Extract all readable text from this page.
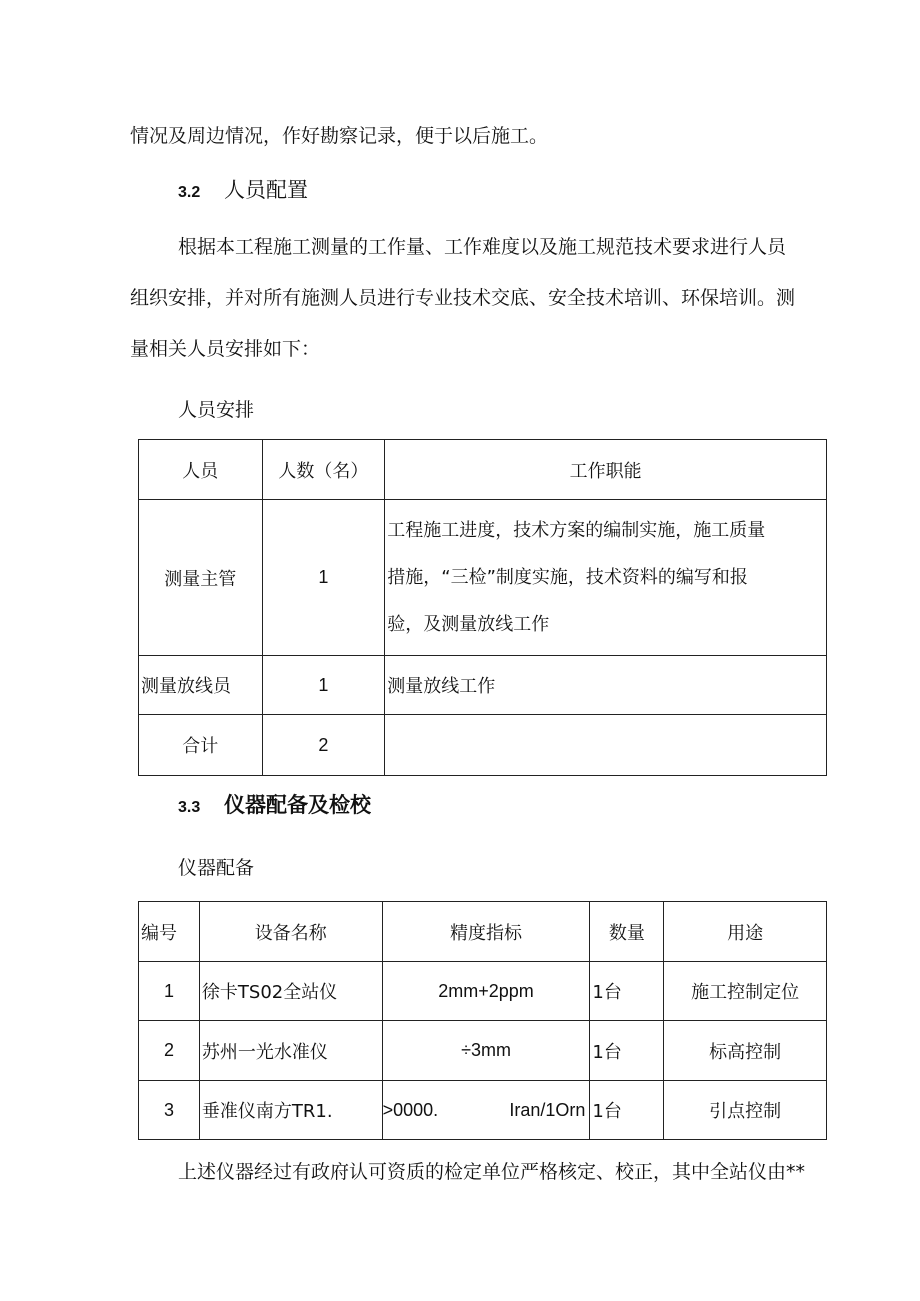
情况及周边情况，作好勘察记录，便于以后施工。
3.2 人员配置
根据本工程施工测量的工作量、工作难度以及施工规范技术要求进行人员
组织安排，并对所有施测人员进行专业技术交底、安全技术培训、环保培训。测
量相关人员安排如下：
人员安排
人员	人数（名）	工作职能
测量主管	1	工程施工进度，技术方案的编制实施，施工质量
措施，“三检”制度实施，技术资料的编写和报
验，及测量放线工作

测量放线员	1	测量放线工作
合计	2	
3.3 仪器配备及检校
仪器配备
编号	设备名称	精度指标	数量	用途
1	徐卡TS02全站仪	2mm+2ppm	1台	施工控制定位
2	苏州一光水准仪	÷3mm	1台	标高控制
3	垂准仪南方TR1.	>0000. Iran/1Orn	1台	引点控制
上述仪器经过有政府认可资质的检定单位严格核定、校正，其中全站仪由**
